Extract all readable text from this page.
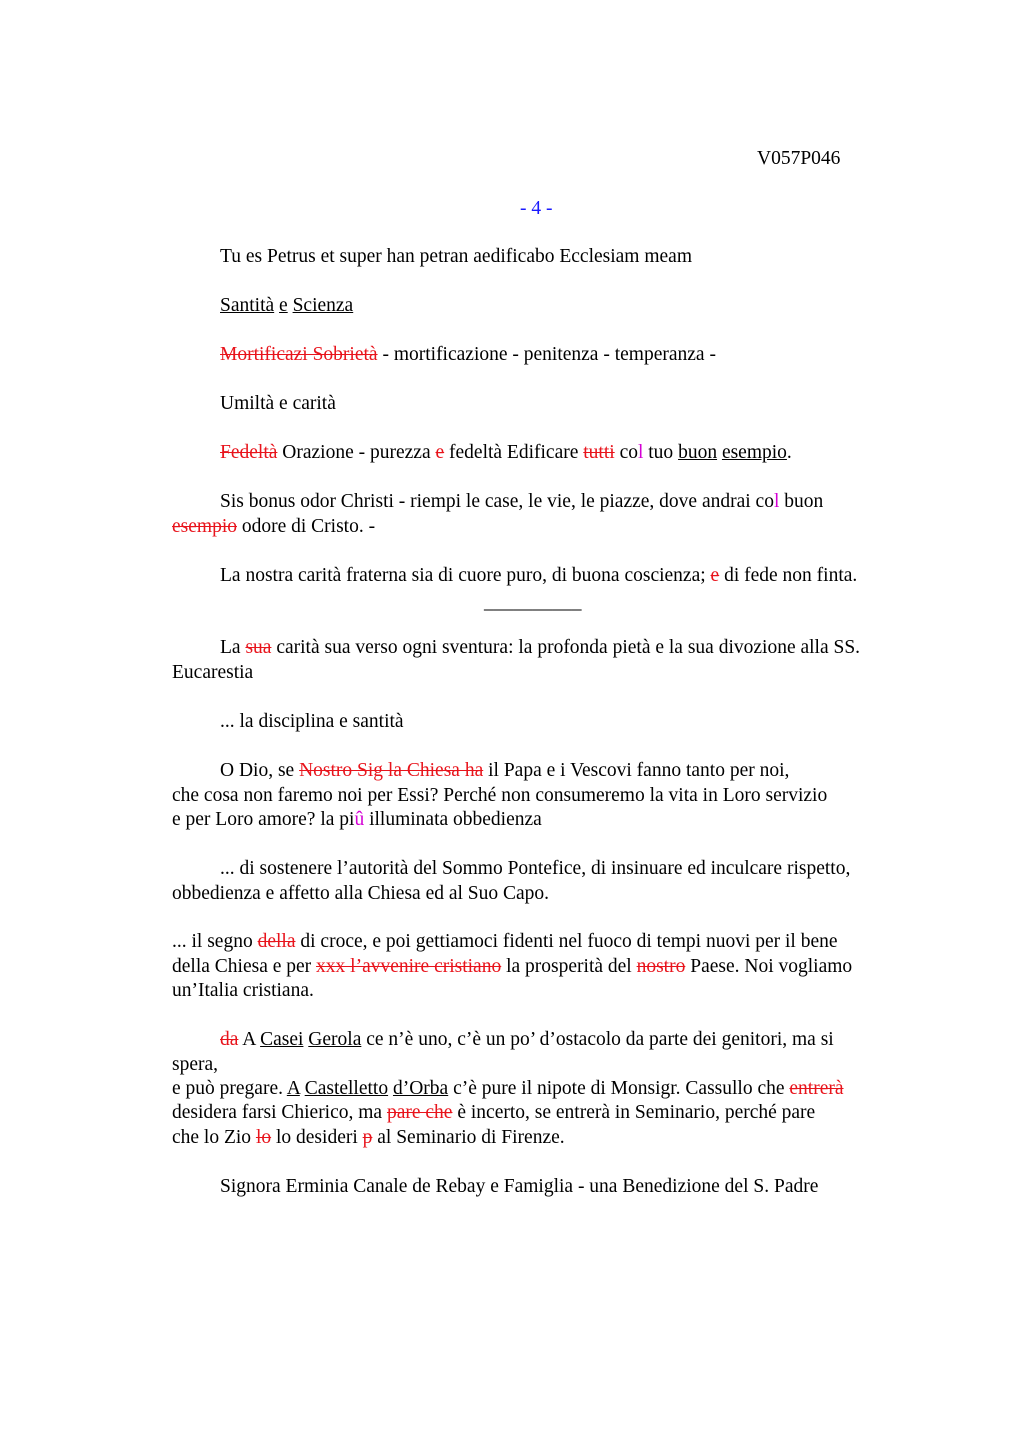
V057P046
- 4 -
Tu es Petrus et super han petran aedificabo Ecclesiam meam
Santità e Scienza
Mortificazi Sobrietà - mortificazione - penitenza - temperanza -
Umiltà e carità
Fedeltà Orazione - purezza e fedeltà Edificare tutti col tuo buon esempio.
Sis bonus odor Christi - riempi le case, le vie, le piazze, dove andrai col buon
esempio odore di Cristo. -
La nostra carità fraterna sia di cuore puro, di buona coscienza; e di fede non finta.
__________
La sua carità sua verso ogni sventura: la profonda pietà e la sua divozione alla SS.
Eucarestia
... la disciplina e santità
O Dio, se Nostro Sig la Chiesa ha il Papa e i Vescovi fanno tanto per noi,
che cosa non faremo noi per Essi? Perché non consumeremo la vita in Loro servizio
e per Loro amore? la piû illuminata obbedienza
... di sostenere l’autorità del Sommo Pontefice, di insinuare ed inculcare rispetto,
obbedienza e affetto alla Chiesa ed al Suo Capo.
... il segno della di croce, e poi gettiamoci fidenti nel fuoco di tempi nuovi per il bene
della Chiesa e per xxx l’avvenire cristiano la prosperità del nostro Paese. Noi vogliamo
un’Italia cristiana.
da A Casei Gerola ce n’è uno, c’è un po’ d’ostacolo da parte dei genitori, ma si
spera,
e può pregare. A Castelletto d’Orba c’è pure il nipote di Monsigr. Cassullo che entrerà
desidera farsi Chierico, ma pare che è incerto, se entrerà in Seminario, perché pare
che lo Zio lo lo desideri p al Seminario di Firenze.
Signora Erminia Canale de Rebay e Famiglia - una Benedizione del S. Padre
